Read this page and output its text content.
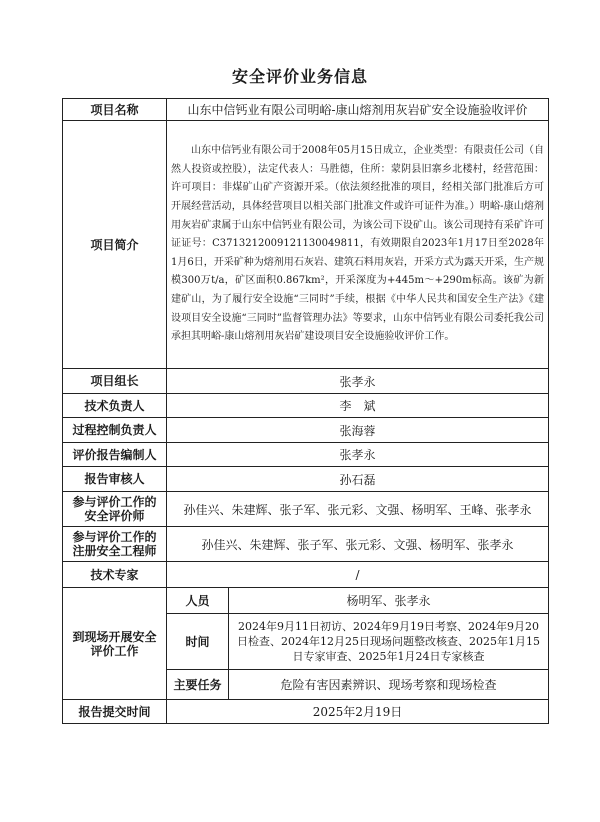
安全评价业务信息
项目名称	山东中信钙业有限公司明峪-康山熔剂用灰岩矿安全设施验收评价	
项目简介	山东中信钙业有限公司于2008年05月15日成立，企业类型：有限责任公司（自然人投资或控股），法定代表人：马胜德，住所：蒙阴县旧寨乡北楼村，经营范围：许可项目：非煤矿山矿产资源开采。（依法须经批准的项目，经相关部门批准后方可开展经营活动，具体经营项目以相关部门批准文件或许可证件为准。）明峪-康山熔剂用灰岩矿隶属于山东中信钙业有限公司，为该公司下设矿山。该公司现持有采矿许可证证号：C3713212009121130049811，有效期限自2023年1月17日至2028年1月6日，开采矿种为熔剂用石灰岩、建筑石料用灰岩，开采方式为露天开采，生产规模300万t/a，矿区面积0.867km²，开采深度为+445m～+290m标高。该矿为新建矿山，为了履行安全设施“三同时”手续，根据《中华人民共和国安全生产法》《建设项目安全设施“三同时”监督管理办法》等要求，山东中信钙业有限公司委托我公司承担其明峪-康山熔剂用灰岩矿建设项目安全设施验收评价工作。	
项目组长	张孝永	
技术负责人	李　斌	
过程控制负责人	张海蓉	
评价报告编制人	张孝永	
报告审核人	孙石磊	
参与评价工作的安全评价师	孙佳兴、朱建辉、张子军、张元彩、文强、杨明军、王峰、张孝永	
参与评价工作的注册安全工程师	孙佳兴、朱建辉、张子军、张元彩、文强、杨明军、张孝永	
技术专家	/	
到现场开展安全评价工作	人员	杨明军、张孝永
	时间	2024年9月11日初访、2024年9月19日考察、2024年9月20日检查、2024年12月25日现场问题整改核查、2025年1月15日专家审查、2025年1月24日专家核查
	主要任务	危险有害因素辨识、现场考察和现场检查
报告提交时间	2025年2月19日	
